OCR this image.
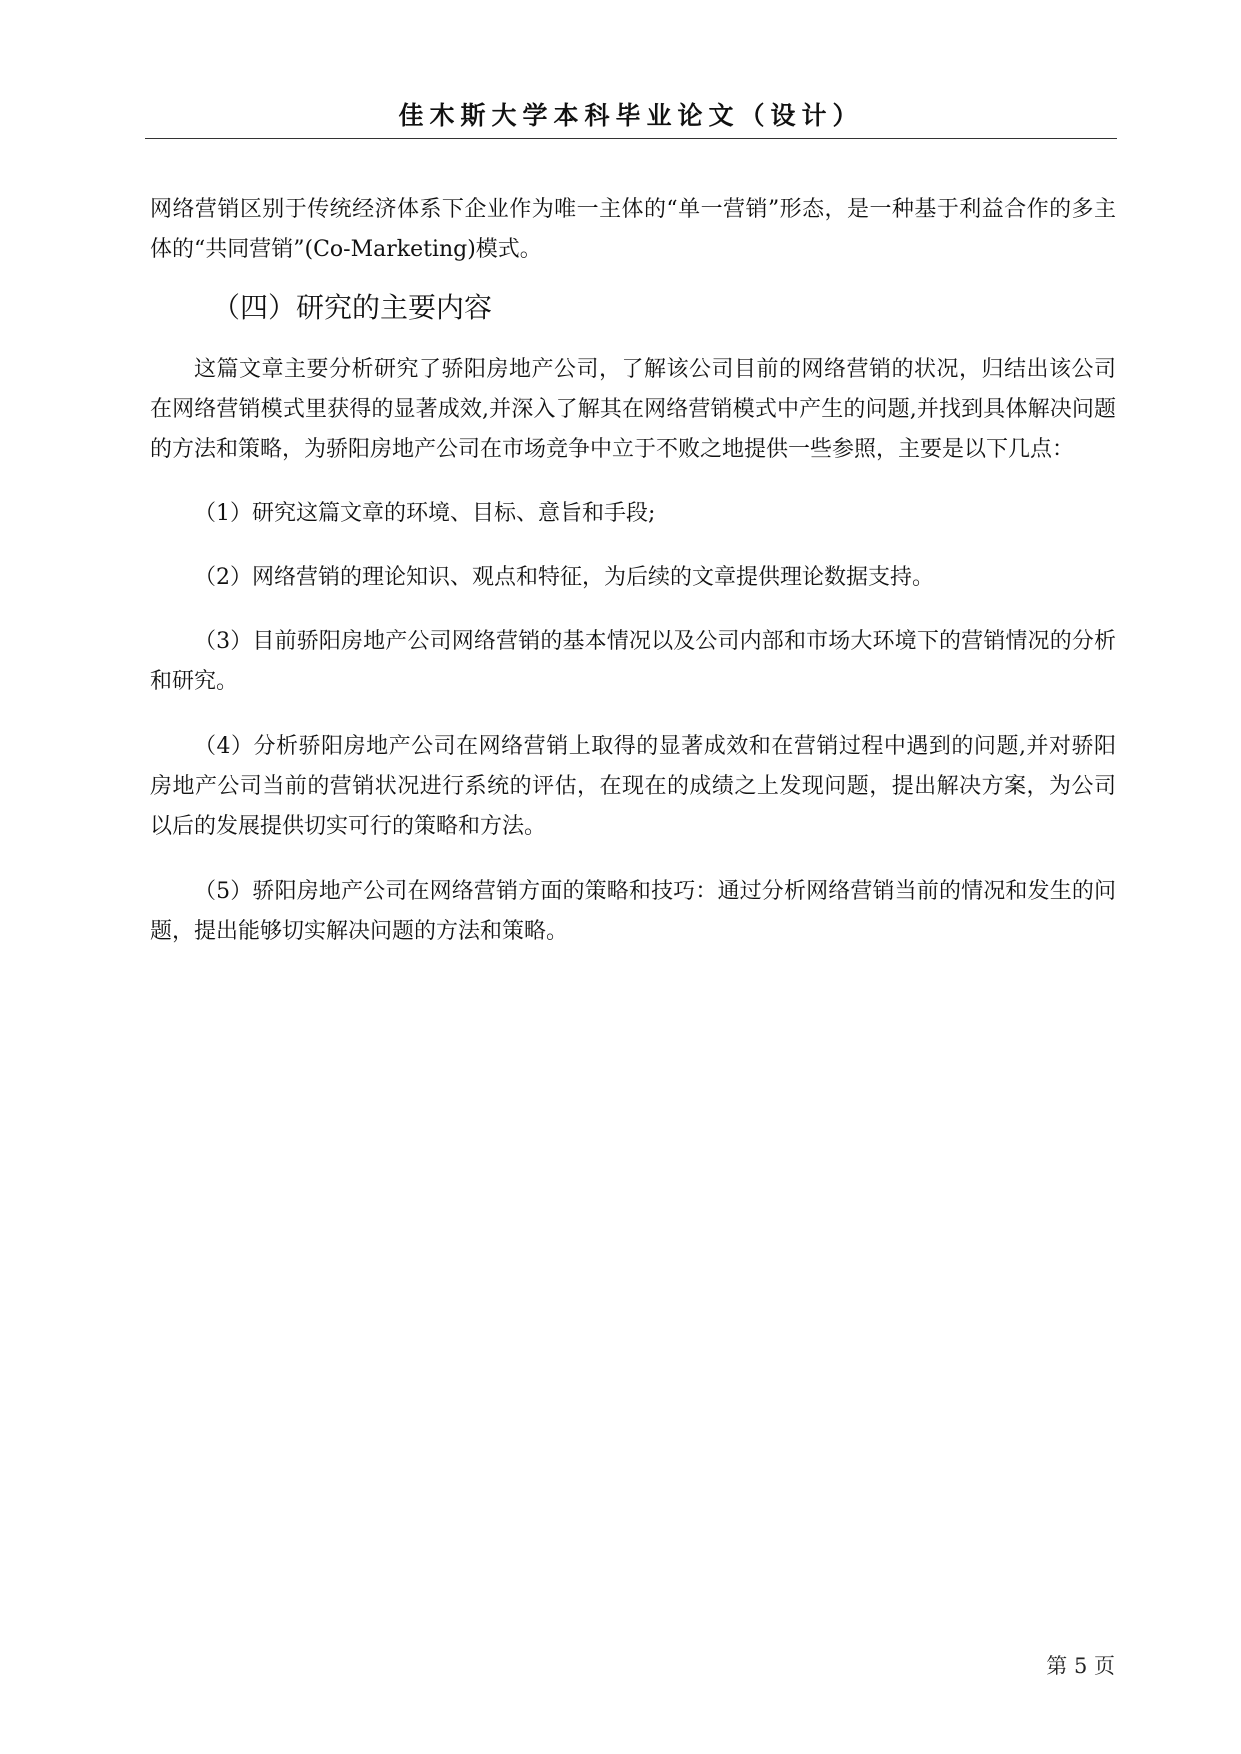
佳木斯大学本科毕业论文（设计）

网络营销区别于传统经济体系下企业作为唯一主体的“单一营销”形态，是一种基于利益合作的多主体的“共同营销”(Co-Marketing)模式。

（四）研究的主要内容

这篇文章主要分析研究了骄阳房地产公司，了解该公司目前的网络营销的状况，归结出该公司在网络营销模式里获得的显著成效,并深入了解其在网络营销模式中产生的问题,并找到具体解决问题的方法和策略，为骄阳房地产公司在市场竞争中立于不败之地提供一些参照，主要是以下几点：

（1）研究这篇文章的环境、目标、意旨和手段;

（2）网络营销的理论知识、观点和特征，为后续的文章提供理论数据支持。

（3）目前骄阳房地产公司网络营销的基本情况以及公司内部和市场大环境下的营销情况的分析和研究。

（4）分析骄阳房地产公司在网络营销上取得的显著成效和在营销过程中遇到的问题,并对骄阳房地产公司当前的营销状况进行系统的评估，在现在的成绩之上发现问题，提出解决方案，为公司以后的发展提供切实可行的策略和方法。

（5）骄阳房地产公司在网络营销方面的策略和技巧：通过分析网络营销当前的情况和发生的问题，提出能够切实解决问题的方法和策略。

第 5 页
